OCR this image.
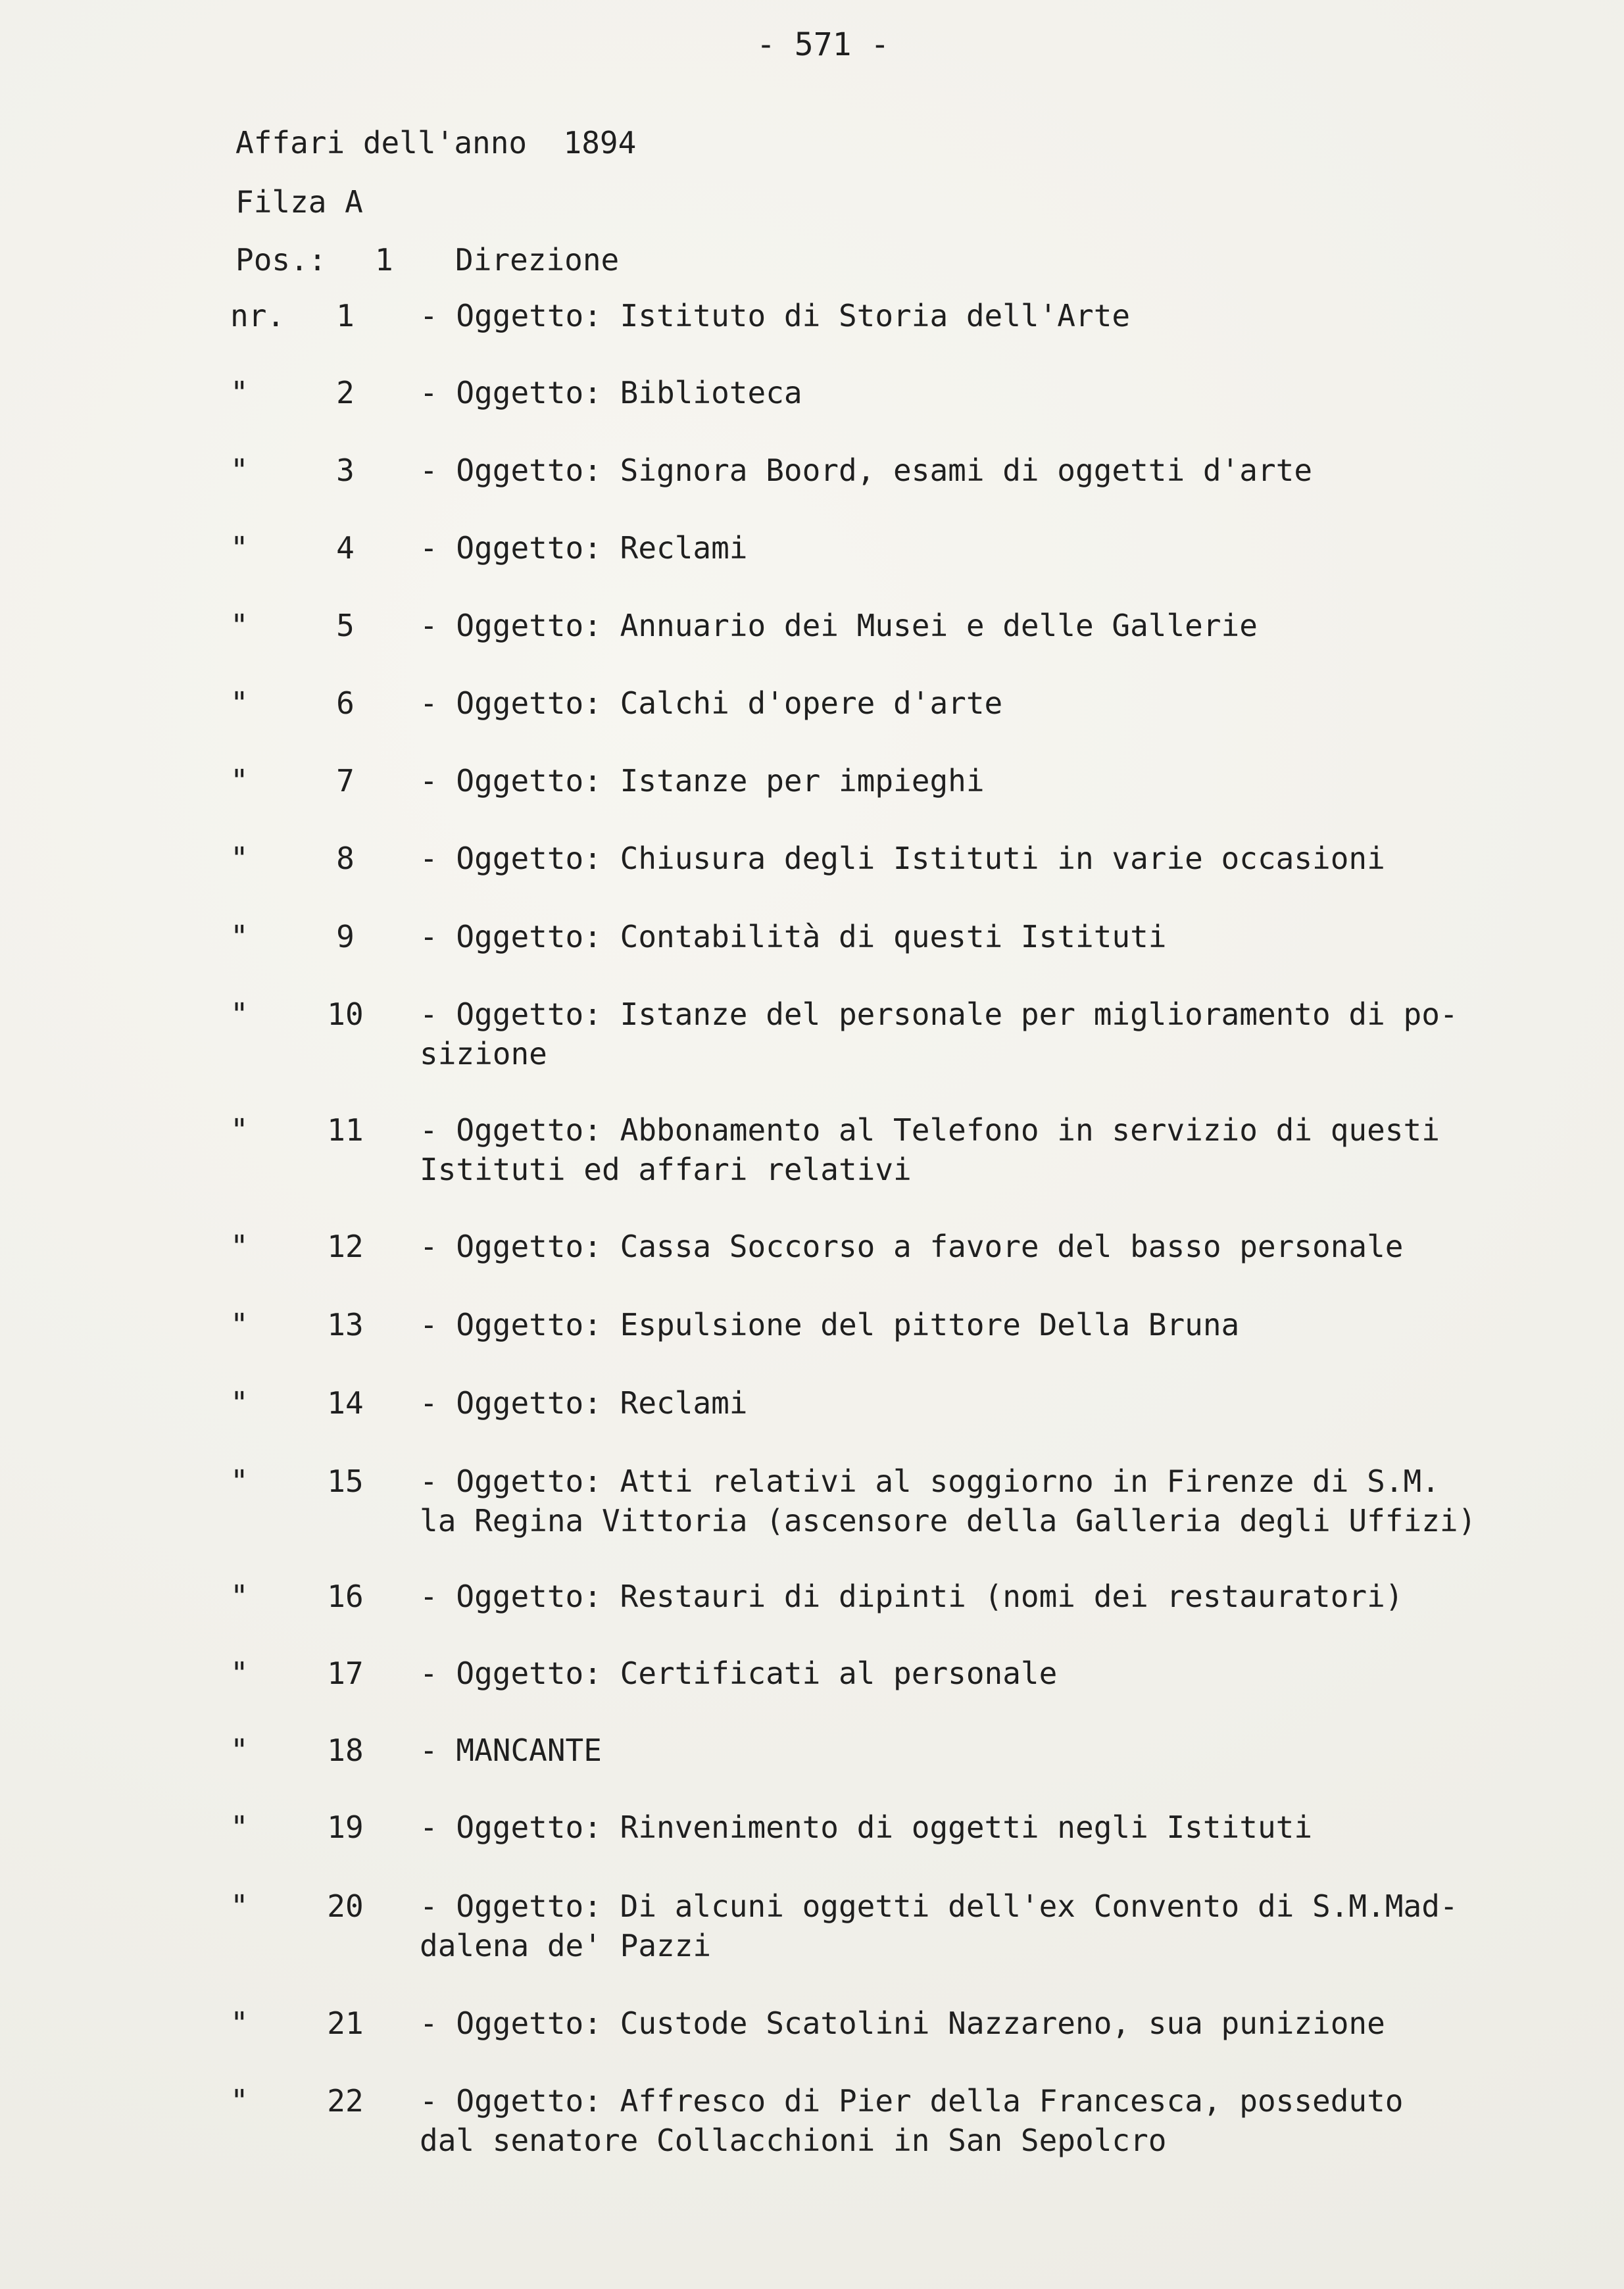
- 571 -
Affari dell'anno  1894
Filza A
Pos.: 1 Direzione
nr.	1	- Oggetto: Istituto di Storia dell'Arte
"	2	- Oggetto: Biblioteca
"	3	- Oggetto: Signora Boord, esami di oggetti d'arte
"	4	- Oggetto: Reclami
"	5	- Oggetto: Annuario dei Musei e delle Gallerie
"	6	- Oggetto: Calchi d'opere d'arte
"	7	- Oggetto: Istanze per impieghi
"	8	- Oggetto: Chiusura degli Istituti in varie occasioni
"	9	- Oggetto: Contabilità di questi Istituti
"	10	- Oggetto: Istanze del personale per miglioramento di po-
sizione
"	11	- Oggetto: Abbonamento al Telefono in servizio di questi
Istituti ed affari relativi
"	12	- Oggetto: Cassa Soccorso a favore del basso personale
"	13	- Oggetto: Espulsione del pittore Della Bruna
"	14	- Oggetto: Reclami
"	15	- Oggetto: Atti relativi al soggiorno in Firenze di S.M.
la Regina Vittoria (ascensore della Galleria degli Uffizi)
"	16	- Oggetto: Restauri di dipinti (nomi dei restauratori)
"	17	- Oggetto: Certificati al personale
"	18	- MANCANTE
"	19	- Oggetto: Rinvenimento di oggetti negli Istituti
"	20	- Oggetto: Di alcuni oggetti dell'ex Convento di S.M.Mad-
dalena de' Pazzi
"	21	- Oggetto: Custode Scatolini Nazzareno, sua punizione
"	22	- Oggetto: Affresco di Pier della Francesca, posseduto
dal senatore Collacchioni in San Sepolcro
